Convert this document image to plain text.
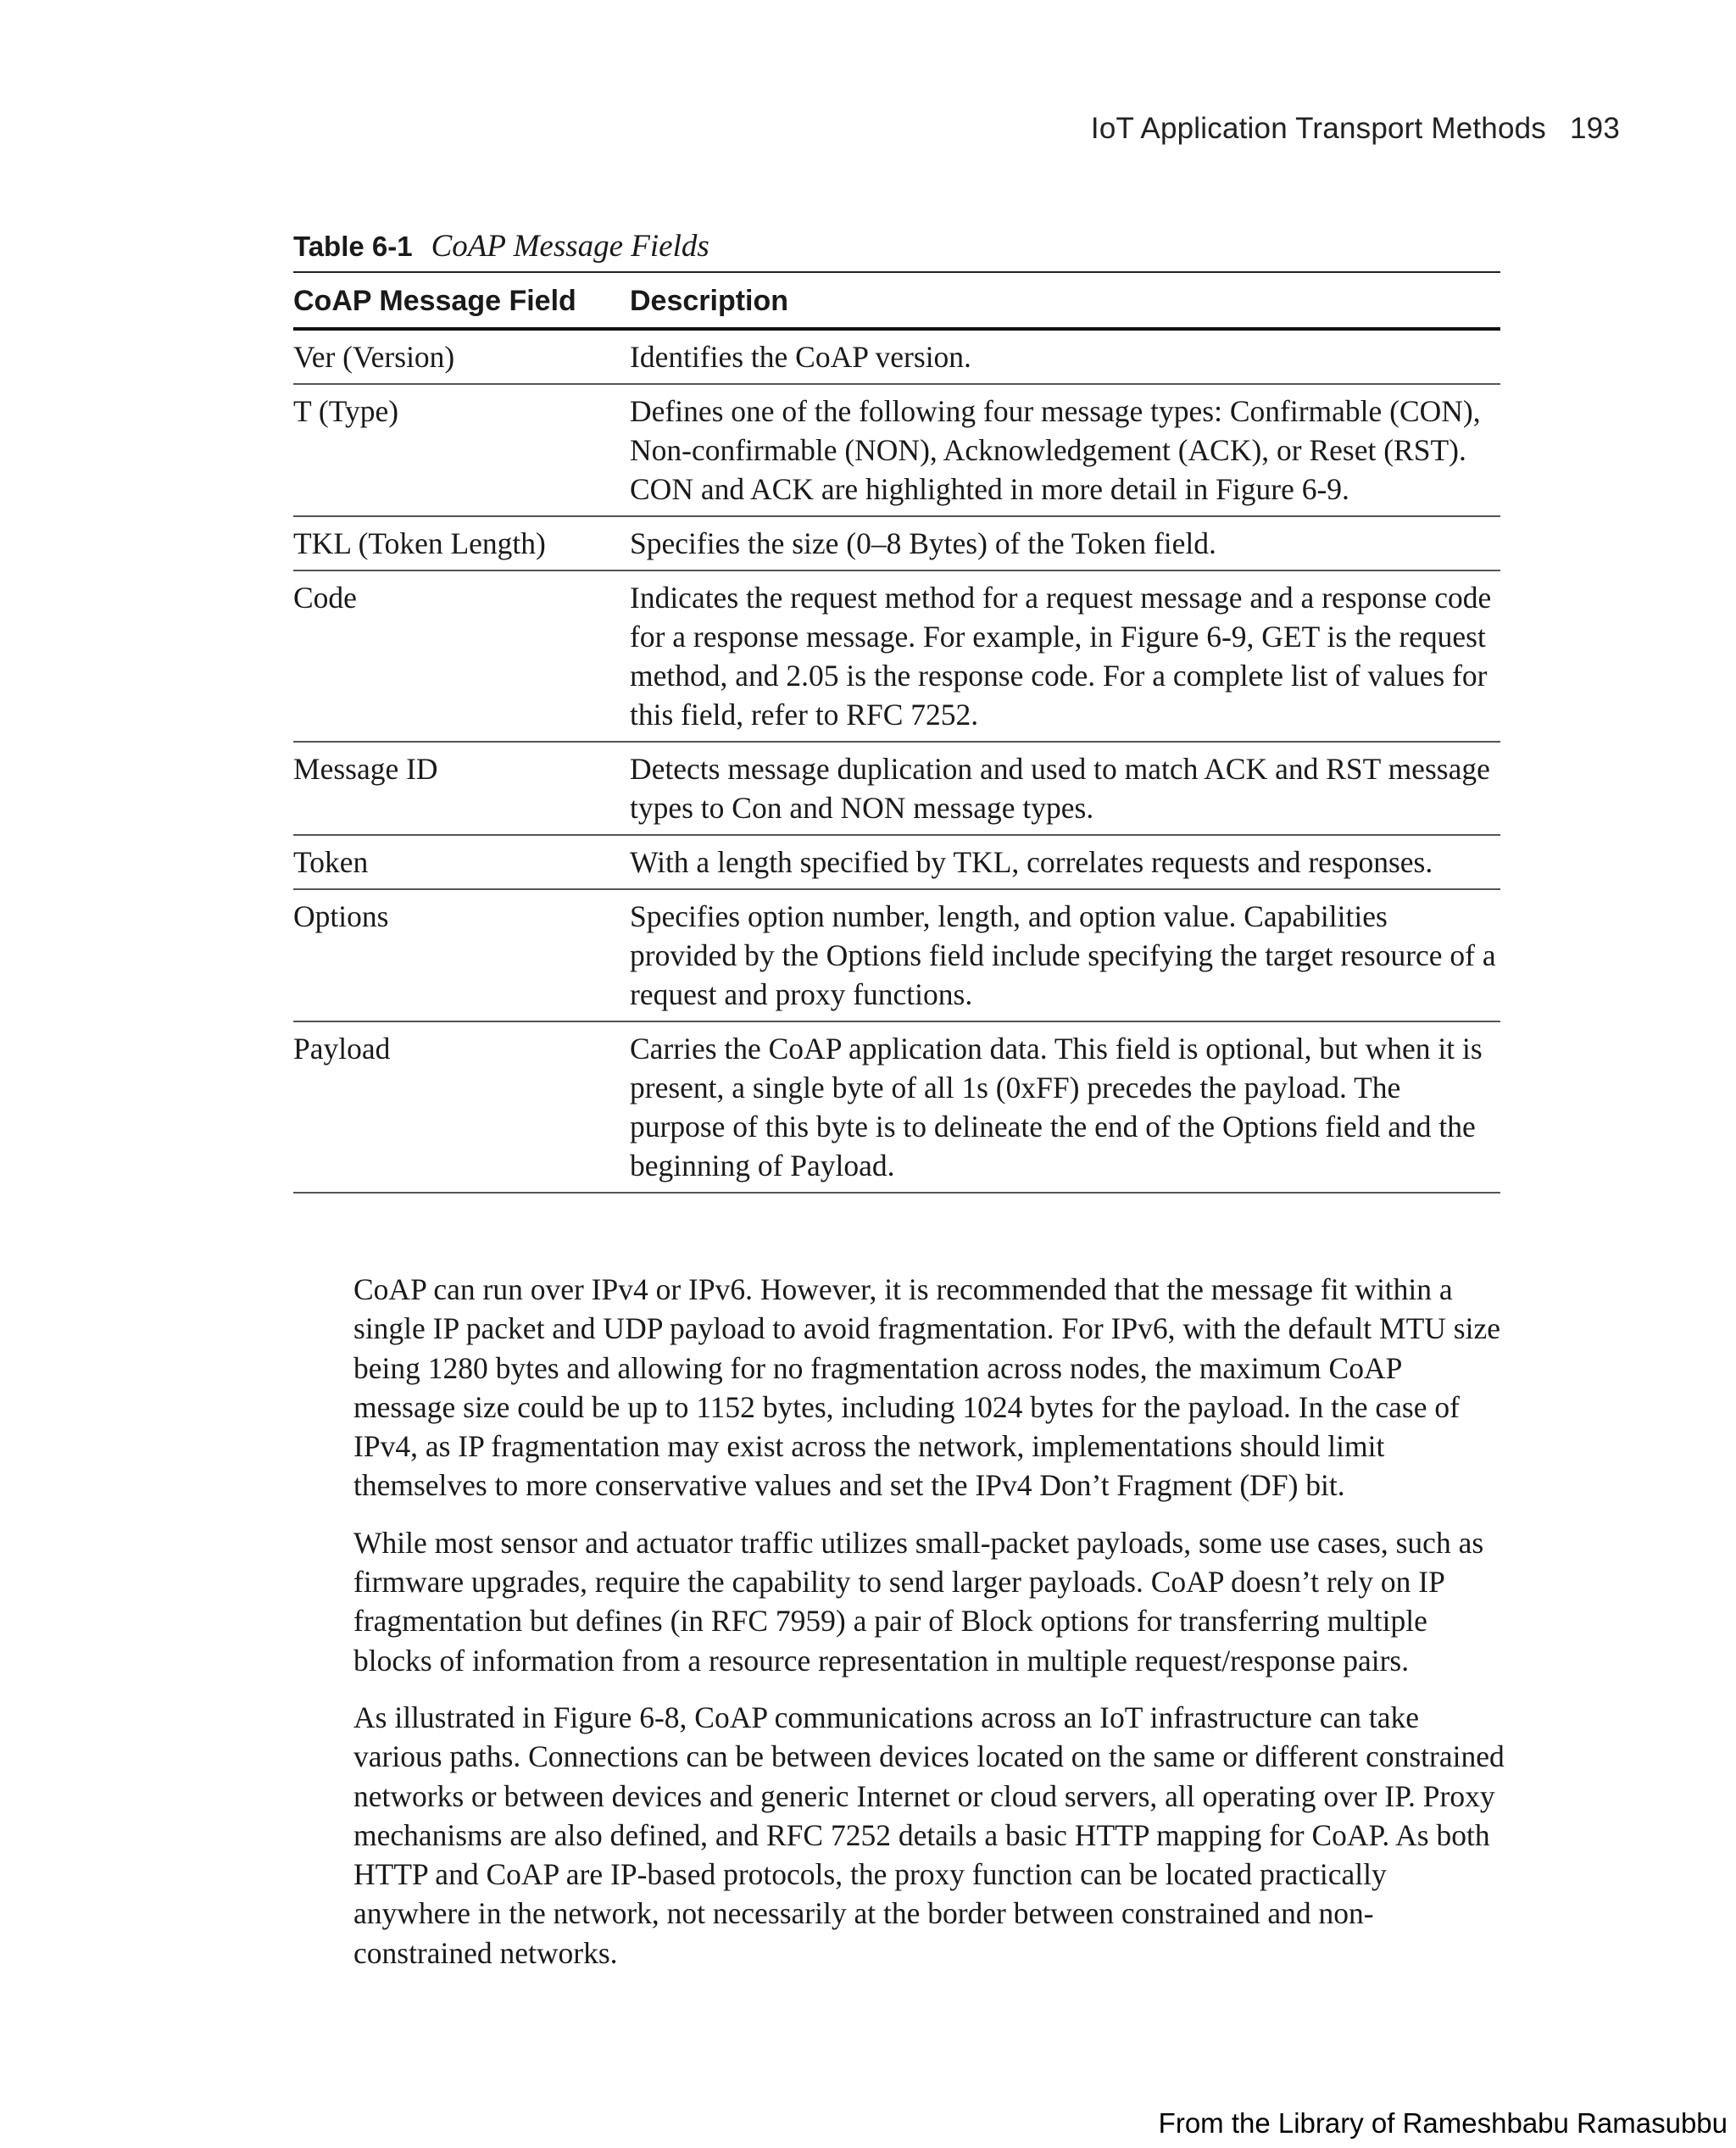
IoT Application Transport Methods 193
Table 6-1 CoAP Message Fields
CoAP Message Field	Description
Ver (Version)	Identifies the CoAP version.
T (Type)	Defines one of the following four message types: Confirmable (CON), Non-confirmable (NON), Acknowledgement (ACK), or Reset (RST). CON and ACK are highlighted in more detail in Figure 6-9.
TKL (Token Length)	Specifies the size (0–8 Bytes) of the Token field.
Code	Indicates the request method for a request message and a response code for a response message. For example, in Figure 6-9, GET is the request method, and 2.05 is the response code. For a complete list of values for this field, refer to RFC 7252.
Message ID	Detects message duplication and used to match ACK and RST message types to Con and NON message types.
Token	With a length specified by TKL, correlates requests and responses.
Options	Specifies option number, length, and option value. Capabilities provided by the Options field include specifying the target resource of a request and proxy functions.
Payload	Carries the CoAP application data. This field is optional, but when it is present, a single byte of all 1s (0xFF) precedes the payload. The purpose of this byte is to delineate the end of the Options field and the beginning of Payload.

CoAP can run over IPv4 or IPv6. However, it is recommended that the message fit within a single IP packet and UDP payload to avoid fragmentation. For IPv6, with the default MTU size being 1280 bytes and allowing for no fragmentation across nodes, the maximum CoAP message size could be up to 1152 bytes, including 1024 bytes for the payload. In the case of IPv4, as IP fragmentation may exist across the network, implementations should limit themselves to more conservative values and set the IPv4 Don’t Fragment (DF) bit.

While most sensor and actuator traffic utilizes small-packet payloads, some use cases, such as firmware upgrades, require the capability to send larger payloads. CoAP doesn’t rely on IP fragmentation but defines (in RFC 7959) a pair of Block options for transferring multiple blocks of information from a resource representation in multiple request/response pairs.

As illustrated in Figure 6-8, CoAP communications across an IoT infrastructure can take various paths. Connections can be between devices located on the same or different constrained networks or between devices and generic Internet or cloud servers, all operating over IP. Proxy mechanisms are also defined, and RFC 7252 details a basic HTTP mapping for CoAP. As both HTTP and CoAP are IP-based protocols, the proxy function can be located practically anywhere in the network, not necessarily at the border between constrained and non-constrained networks.

From the Library of Rameshbabu Ramasubbu
